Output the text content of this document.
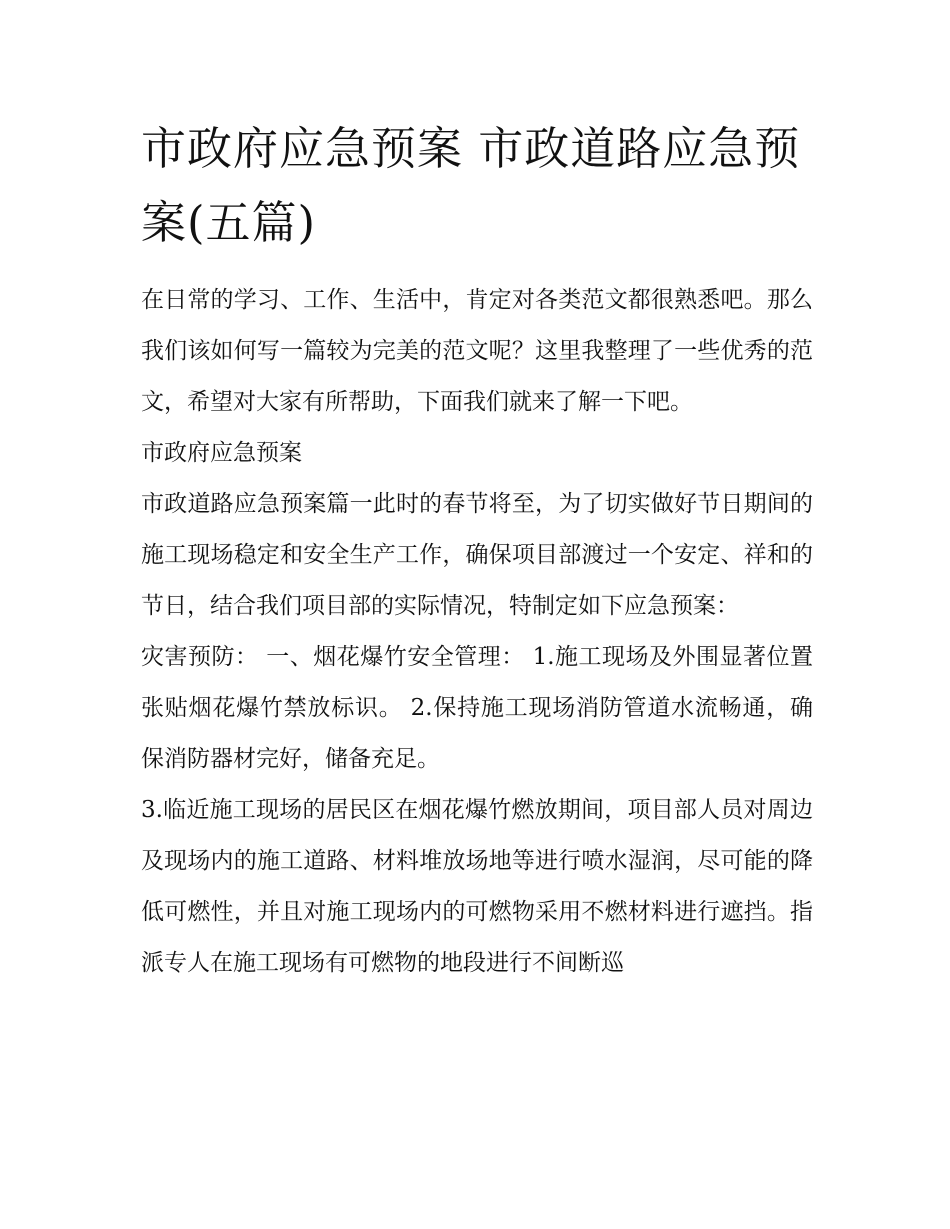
市政府应急预案 市政道路应急预案(五篇)

在日常的学习、工作、生活中，肯定对各类范文都很熟悉吧。那么我们该如何写一篇较为完美的范文呢？这里我整理了一些优秀的范文，希望对大家有所帮助，下面我们就来了解一下吧。

市政府应急预案

市政道路应急预案篇一此时的春节将至，为了切实做好节日期间的施工现场稳定和安全生产工作，确保项目部渡过一个安定、祥和的节日，结合我们项目部的实际情况，特制定如下应急预案：

灾害预防： 一、烟花爆竹安全管理： 1.施工现场及外围显著位置张贴烟花爆竹禁放标识。 2.保持施工现场消防管道水流畅通，确保消防器材完好，储备充足。

3.临近施工现场的居民区在烟花爆竹燃放期间，项目部人员对周边及现场内的施工道路、材料堆放场地等进行喷水湿润，尽可能的降低可燃性，并且对施工现场内的可燃物采用不燃材料进行遮挡。指派专人在施工现场有可燃物的地段进行不间断巡
